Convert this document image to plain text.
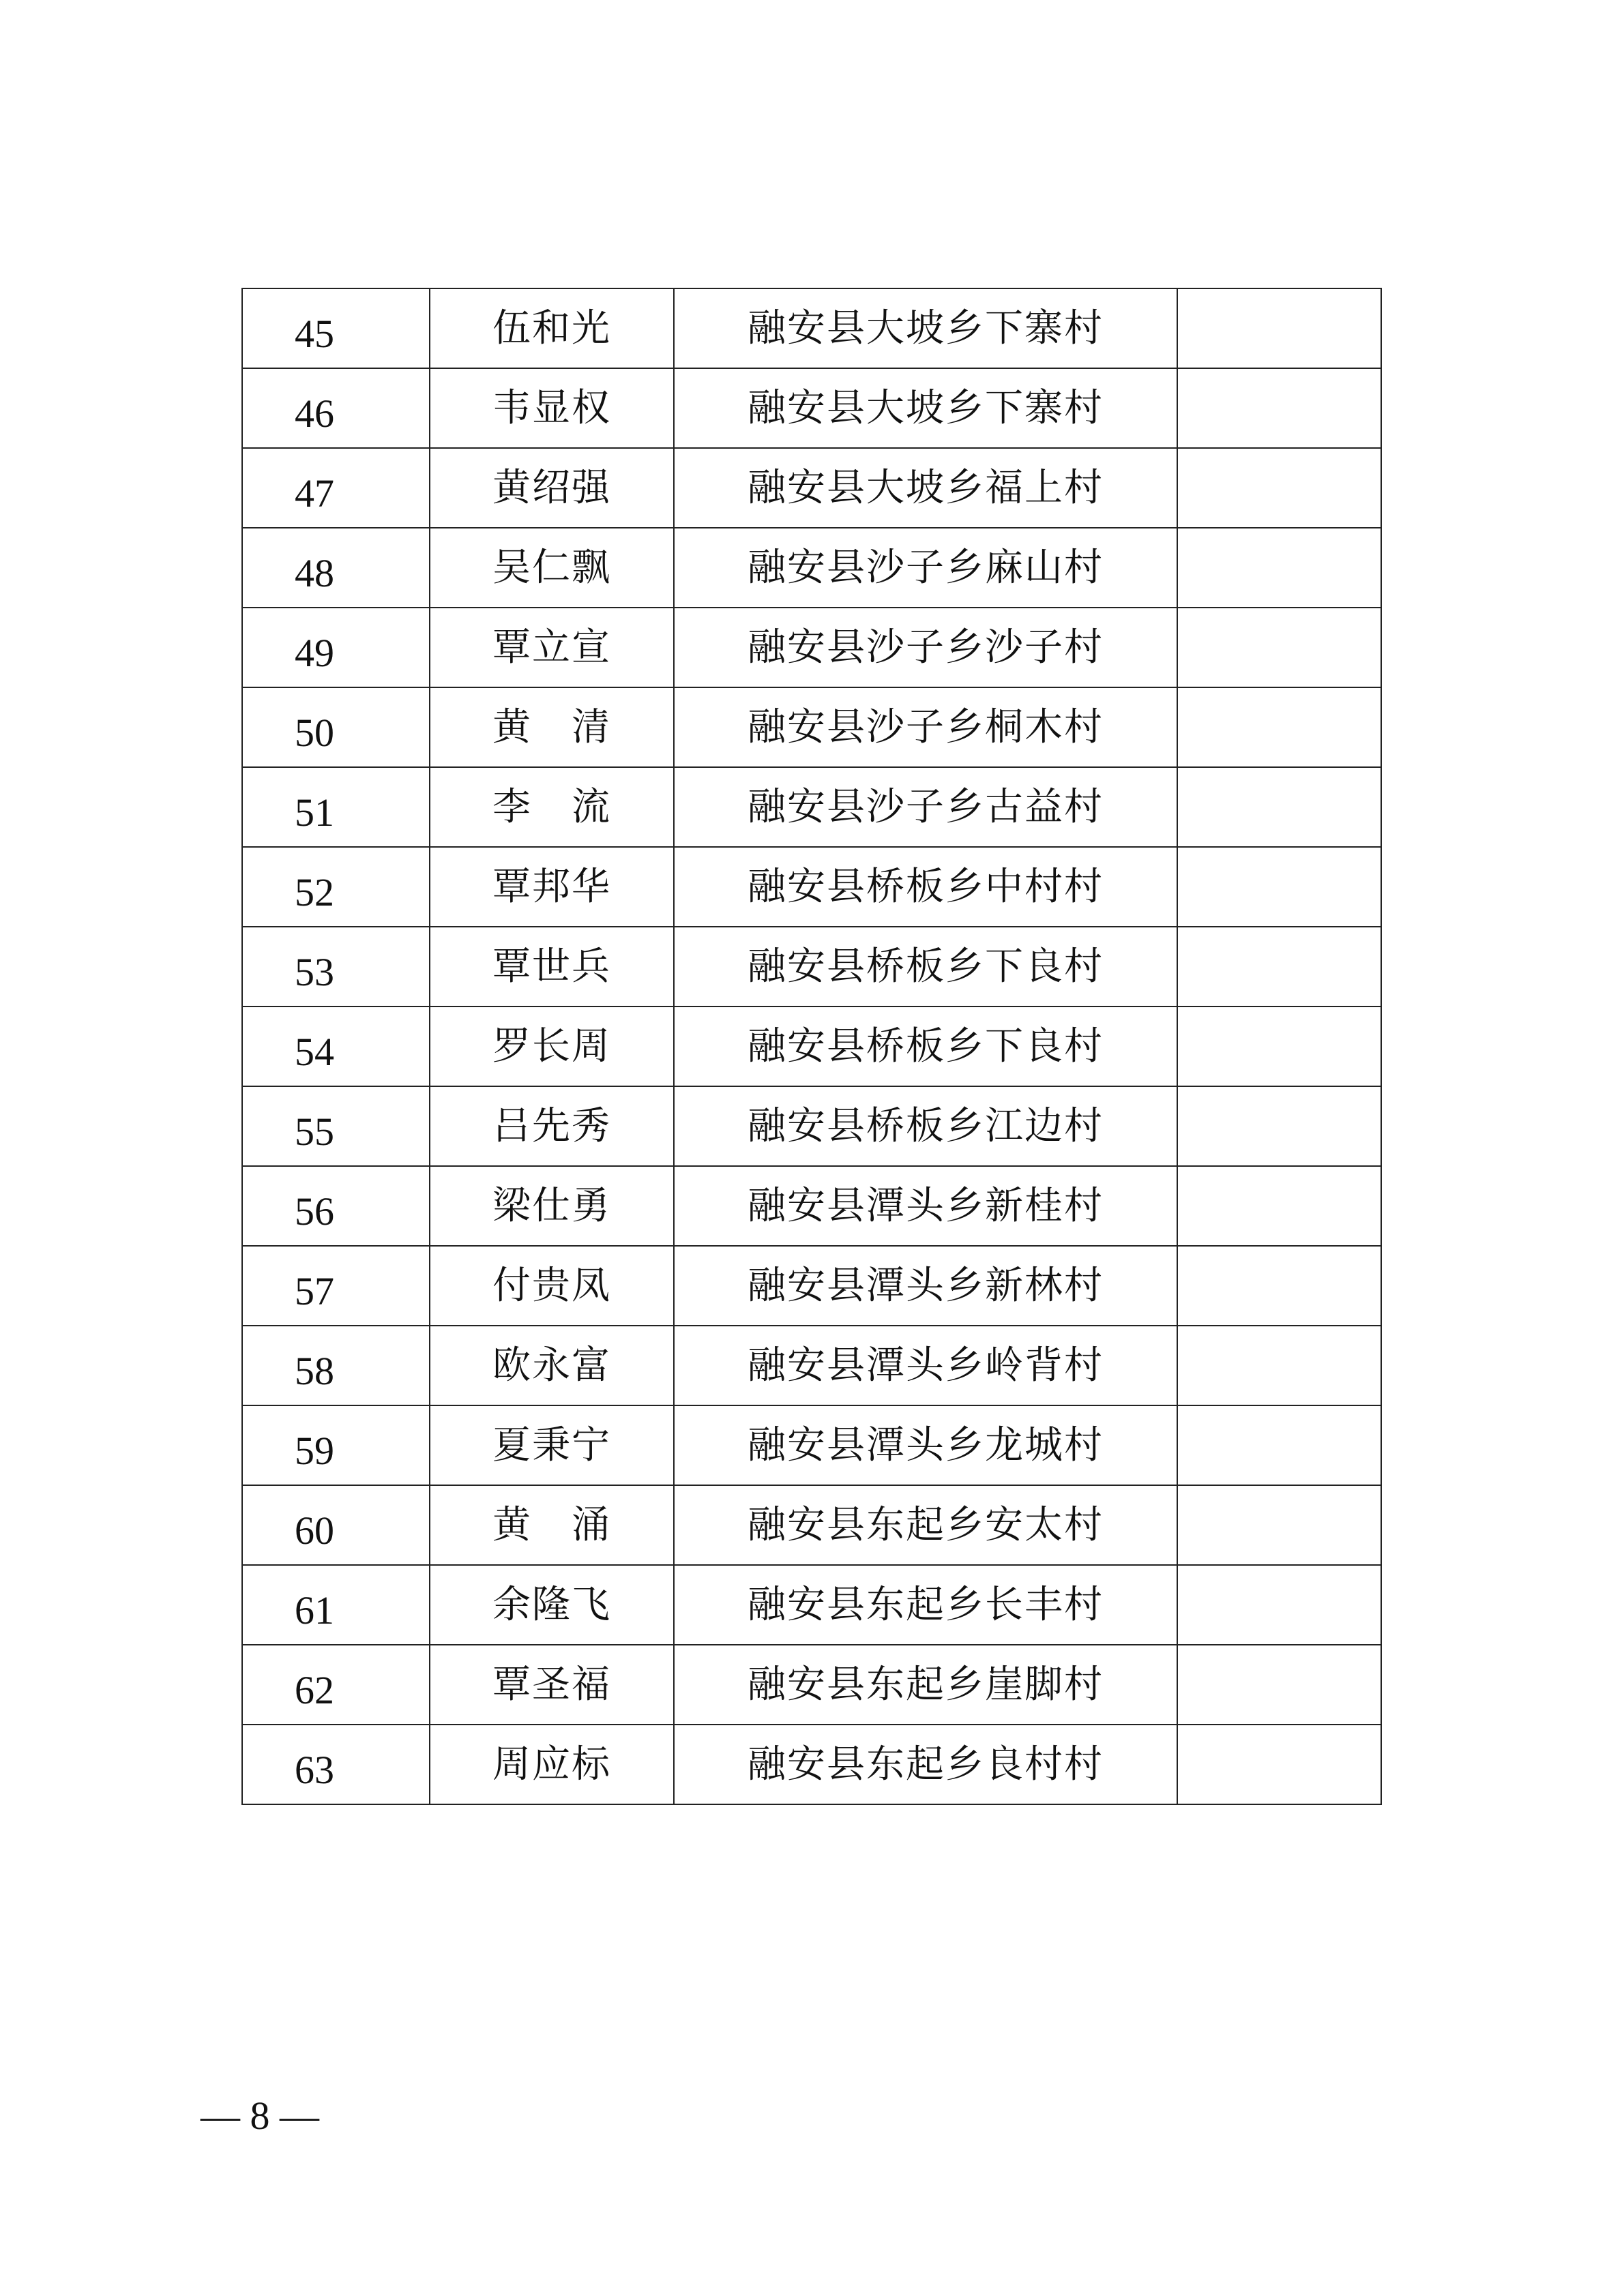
45	伍和光	融安县大坡乡下寨村	
46	韦显权	融安县大坡乡下寨村	
47	黄绍强	融安县大坡乡福上村	
48	吴仁飘	融安县沙子乡麻山村	
49	覃立宣	融安县沙子乡沙子村	
50	黄　清	融安县沙子乡桐木村	
51	李　流	融安县沙子乡古益村	
52	覃邦华	融安县桥板乡中村村	
53	覃世兵	融安县桥板乡下良村	
54	罗长周	融安县桥板乡下良村	
55	吕先秀	融安县桥板乡江边村	
56	梁仕勇	融安县潭头乡新桂村	
57	付贵凤	融安县潭头乡新林村	
58	欧永富	融安县潭头乡岭背村	
59	夏秉宁	融安县潭头乡龙城村	
60	黄　涌	融安县东起乡安太村	
61	余隆飞	融安县东起乡长丰村	
62	覃圣福	融安县东起乡崖脚村	
63	周应标	融安县东起乡良村村	
— 8 —
